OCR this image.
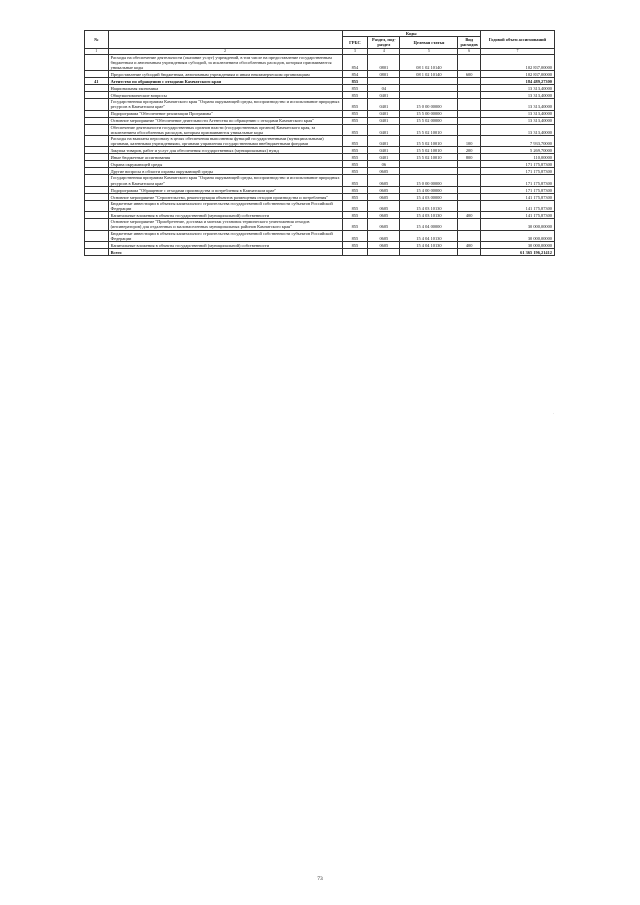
№		Коды				Годовой объем ассигнований
		ГРБС	Раздел, под-раздел	Целевая статья	Вид расходов	
1	2	3	4	5	6	7
	Расходы на обеспечение деятельности (оказание услуг) учреждений, в том числе на предоставление государственным бюджетным и автономным учреждениям субсидий, за исключением обособленных расходов, которым присваиваются уникальные коды	854	0801	08 1 02 10140		102 837,00000
	Предоставление субсидий бюджетным, автономным учреждениям и иным некоммерческим организациям	854	0801	08 1 02 10140	600	102 837,00000
41	Агентство по обращению с отходами Камчатского края	855				184 489,27300
	Национальная экономика	855	04			13 313,40000
	Общеэкономические вопросы	855	0401			13 313,40000
	Государственная программа Камчатского края "Охрана окружающей среды, воспроизводство и использование природных ресурсов в Камчатском крае"	855	0401	15 0 00 00000		13 313,40000
	Подпрограмма "Обеспечение реализации Программы"	855	0401	15 5 00 00000		13 313,40000
	Основное мероприятие "Обеспечение деятельности Агентства по обращению с отходами Камчатского края"	855	0401	15 5 02 00000		13 313,40000
	Обеспечение деятельности государственных органов власти (государственных органов) Камчатского края, за исключением обособленных расходов, которым присваиваются уникальные коды	855	0401	15 5 02 10010		13 313,40000
	Расходы на выплаты персоналу в целях обеспечения выполнения функций государственными (муниципальными) органами, казенными учреждениями, органами управления государственными внебюджетными фондами	855	0401	15 5 02 10010	100	7 933,70000
	Закупка товаров, работ и услуг для обеспечения государственных (муниципальных) нужд	855	0401	15 5 02 10010	200	5 269,70000
	Иные бюджетные ассигнования	855	0401	15 5 02 10010	800	110,00000
	Охрана окружающей среды	855	06			171 175,87300
	Другие вопросы в области охраны окружающей среды	855	0605			171 175,87300
	Государственная программа Камчатского края "Охрана окружающей среды, воспроизводство и использование природных ресурсов в Камчатском крае"	855	0605	15 0 00 00000		171 175,87300
	Подпрограмма "Обращение с отходами производства и потребления в Камчатском крае"	855	0605	15 4 00 00000		171 175,87300
	Основное мероприятие "Строительство, реконструкция объектов размещения отходов производства и потребления"	855	0605	15 4 03 00000		141 175,87300
	Бюджетные инвестиции в объекты капитального строительства государственной собственности субъектов Российской Федерации	855	0605	15 4 03 10130		141 175,87300
	Капитальные вложения в объекты государственной (муниципальной) собственности	855	0605	15 4 03 10130	400	141 175,87300
	Основное мероприятие "Приобретение, доставка и монтаж установок термического уничтожения отходов (инсинераторов) для отдаленных и малонаселенных муниципальных районов Камчатского края"	855	0605	15 4 04 00000		30 000,00000
	Бюджетные инвестиции в объекты капитального строительства государственной собственности субъектов Российской Федерации	855	0605	15 4 04 10130		30 000,00000
	Капитальные вложения в объекты государственной (муниципальной) собственности	855	0605	15 4 04 10130	400	30 000,00000
	Всего					61 365 196,21412
.
73
